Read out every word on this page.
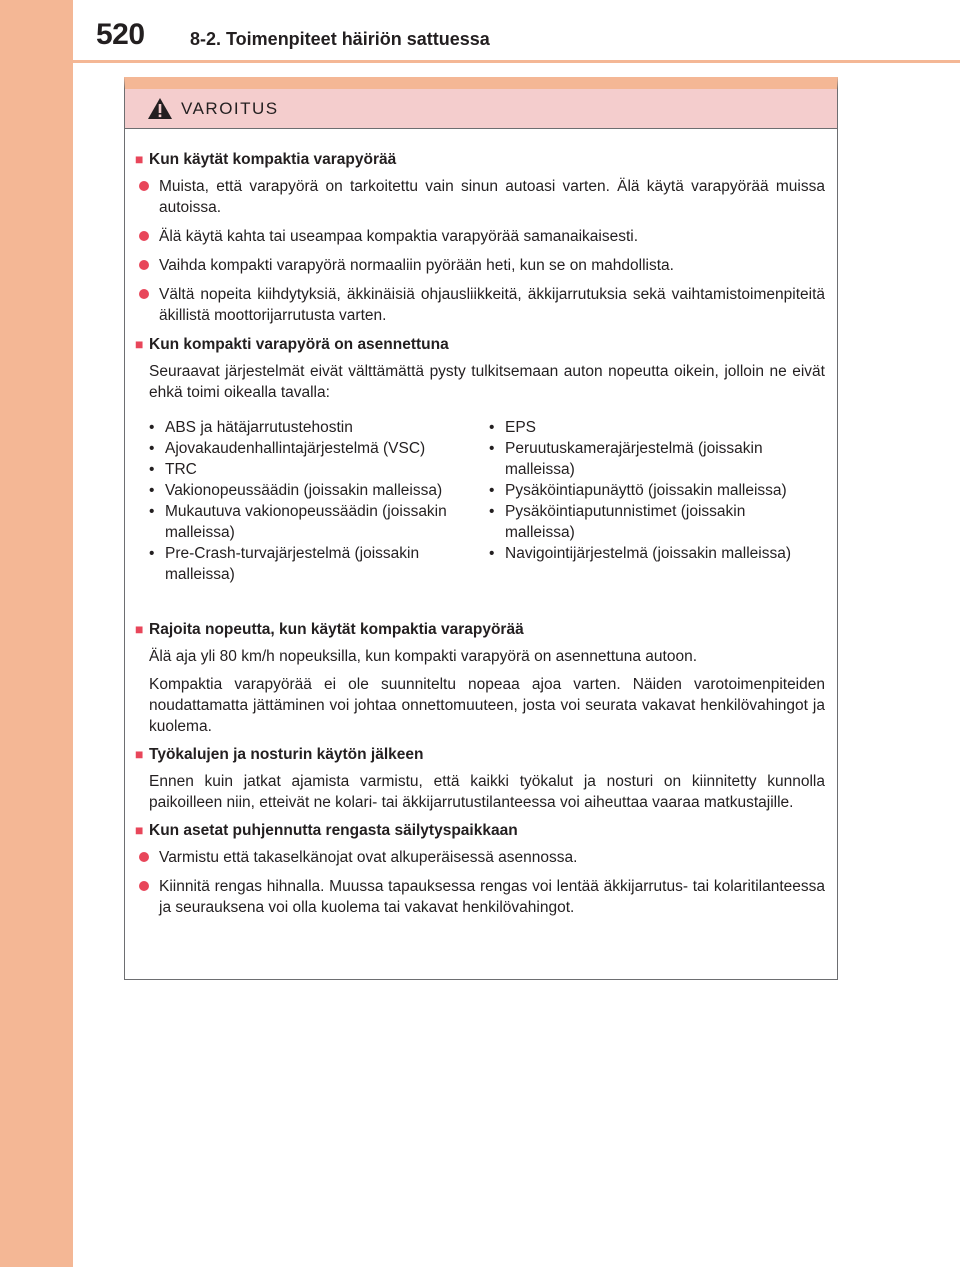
520	8-2. Toimenpiteet häiriön sattuessa
VAROITUS
■ Kun käytät kompaktia varapyörää
Muista, että varapyörä on tarkoitettu vain sinun autoasi varten. Älä käytä varapyörää muissa autoissa.
Älä käytä kahta tai useampaa kompaktia varapyörää samanaikaisesti.
Vaihda kompakti varapyörä normaaliin pyörään heti, kun se on mahdollista.
Vältä nopeita kiihdytyksiä, äkkinäisiä ohjausliikkeitä, äkkijarrutuksia sekä vaihtamistoimenpiteitä äkillistä moottorijarrutusta varten.
■ Kun kompakti varapyörä on asennettuna
Seuraavat järjestelmät eivät välttämättä pysty tulkitsemaan auton nopeutta oikein, jolloin ne eivät ehkä toimi oikealla tavalla:
• ABS ja hätäjarrutustehostin
• Ajovakaudenhallintajärjestelmä (VSC)
• TRC
• Vakionopeussäädin (joissakin malleissa)
• Mukautuva vakionopeussäädin (joissakin malleissa)
• Pre-Crash-turvajärjestelmä (joissakin malleissa)
• EPS
• Peruutuskamerajärjestelmä (joissakin malleissa)
• Pysäköintiapunäyttö (joissakin malleissa)
• Pysäköintiaputunnistimet (joissakin malleissa)
• Navigointijärjestelmä (joissakin malleissa)
■ Rajoita nopeutta, kun käytät kompaktia varapyörää
Älä aja yli 80 km/h nopeuksilla, kun kompakti varapyörä on asennettuna autoon.
Kompaktia varapyörää ei ole suunniteltu nopeaa ajoa varten. Näiden varotoimenpiteiden noudattamatta jättäminen voi johtaa onnettomuuteen, josta voi seurata vakavat henkilövahingot ja kuolema.
■ Työkalujen ja nosturin käytön jälkeen
Ennen kuin jatkat ajamista varmistu, että kaikki työkalut ja nosturi on kiinnitetty kunnolla paikoilleen niin, etteivät ne kolari- tai äkkijarrutustilanteessa voi aiheuttaa vaaraa matkustajille.
■ Kun asetat puhjennutta rengasta säilytyspaikkaan
Varmistu että takaselkänojat ovat alkuperäisessä asennossa.
Kiinnitä rengas hihnalla. Muussa tapauksessa rengas voi lentää äkkijarrutus- tai kolaritilanteessa ja seurauksena voi olla kuolema tai vakavat henkilövahingot.
